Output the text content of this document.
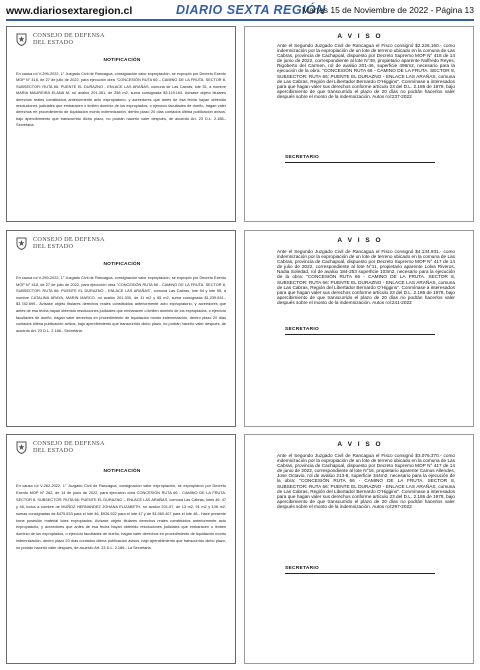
www.diariosextaregion.cl	DIARIO SEXTA REGIÓN
Martes 15 de Noviembre de 2022 - Página 13
CONSEJO DE DEFENSA DEL ESTADO
NOTIFICACIÓN
En causa rol V-296-2022, 1° Juzgado Civil de Rancagua, consignación valor expropiación, se expropió por Decreto Exento MOP N° 418, de 27 de julio de 2022, para ejecución obra "CONCESIÓN RUTA 66 – CAMINO DE LA FRUTA. SECTOR 8, SUBSECTOR: RUTA 66: PUENTE EL DURAZNO - ENLACE LAS ARAÑAS, comuna de Las Cabras, lote 51, a nombre MARIA MAUREIRA ELANA M, rol avalúo 201-351, de 258 m2, suma consignada $3.119.163. Avísase objeto titulares derechos reales constituidos anteriormente acto expropiatorio, y acreedores que antes de esa fecha hayan obtenido resoluciones judiciales que embaracen o limiten dominio de los expropiados, o ejercicio facultades de dueño, hagan valer derechos en procedimiento de liquidación monto indemnización, dentro plazo 20 días contados última publicación avisos, bajo apercibimiento que transcurrido dicho plazo, no podrán hacerlo valer después, de acuerdo Art. 23 D.L. 2.186.- Secretaria.
A V I S O
Ante el Segundo Juzgado Civil de Rancagua el Fisco consignó $2.226.160.- como indemnización por la expropiación de un lote de terreno ubicado en la comuna de Las Cabras, provincia de Cachapoal, dispuesto por Decreto Supremo MOP N° 418 de 14 de junio de 2022, correspondiente al lote N°49, propietario aparente Nolfredo Reyes, Rigoberto del Carmen, rol de avalúo 201-46, superficie 496m2, necesario para la ejecución de la obra: "CONCESIÓN RUTA 66 - CAMINO DE LA FRUTA. SECTOR 8, SUBSECTOR: RUTA 66: PUENTE EL DURAZNO - ENLACE LAS ARAÑAS, comuna de Las Cabras, Región del Libertador Bernardo O'Higgins". Conmínase a interesados para que hagan valer sus derechos conforme artículo 23 del D.L. 2.186 de 1978, bajo apercibimiento de que transcurrido el plazo de 20 días no podrán hacerlos valer después sobre el monto de la indemnización. Autos rol:237-2022
SECRETARIO
CONSEJO DE DEFENSA DEL ESTADO
NOTIFICACIÓN
En causa rol V-259-2022, 1° Juzgado Civil de Rancagua, consignación valor expropiación, se expropió por Decreto Exento MOP N° 418, de 27 de julio de 2022, para ejecución obra "CONCESIÓN RUTA 66 - CAMINO DE LA FRUTA. SECTOR 8, SUBSECTOR: RUTA 66: PUENTE EL DURAZNO - ENLACE LAS ARAÑAS", comuna Las Cabras, lote 54 y lote 55, a nombre CATALINA ARAYA, MARIN MARCO, rol avalúo 201-330, de 11 m2 y 65 m2, suma consignada $1.239.631.- $3.782.699.- Avísase objeto titulares derechos reales constituidos anteriormente acto expropiatorio, y acreedores que antes de esa fecha hayan obtenido resoluciones judiciales que embaracen o limiten dominio de los expropiados, o ejercicio facultades de dueño, hagan valer derechos en procedimiento de liquidación monto indemnización, dentro plazo 20 días contados última publicación avisos, bajo apercibimiento que transcurrido dicho plazo, no podrán hacerlo valer después, de acuerdo Art. 23 D.L. 2.186.- Secretaria.
A V I S O
Ante el Segundo Juzgado Civil de Rancagua el Fisco consignó $4.134.931.- como indemnización por la expropiación de un lote de terreno ubicado en la comuna de Las Cabras, provincia de Cachapoal, dispuesto por Decreto Supremo MOP N° 417 de 14 de julio de 2022, correspondiente al lote N°11, propietario aparente Lolva Riveros, Nadia Soledad, rol de avalúo 184-253 superficie 103m2, necesario para la ejecución de la obra: "CONCESIÓN RUTA 66 - CAMINO DE LA FRUTA. SECTOR 8, SUBSECTOR: RUTA 66: PUENTE EL DURAZNO - ENLACE LAS ARAÑAS, comuna de Las Cabras, Región del Libertador Bernardo O'Higgins". Conmínase a interesados para que hagan valer sus derechos conforme artículo 23 del D.L. 2.186 de 1978, bajo apercibimiento de que transcurrido el plazo de 20 días no podrán hacerlos valer después sobre el monto de la indemnización. Autos rol:241-2022
SECRETARIO
CONSEJO DE DEFENSA DEL ESTADO
NOTIFICACIÓN
En causa rol V-262-2022, 1° Juzgado Civil de Rancagua, consignación valor expropiación, se expropiaron por Decreto Exento MOP N° 262, de 14 de junio de 2022, para ejecución obra CONCESIÓN RUTA 66 - CAMINO DE LA FRUTA. SECTOR 8, SUBSECTOR: RUTA 66: PUENTE EL DURAZNO – ENLACE LAS ARAÑAS, comuna Las Cabras, lotes 46, 47 y 48, todos a nombre de MUÑOZ HERNANDEZ JOHANA ELIZABETH, rol avalúo 201-57, de 13 m2, 91 m2 y 106 m2, sumas consignadas de $475.533 para el lote 46, $926.922 para el lote 47 y de $1.060.407 para el lote 48.- Hace presente toma posesión material lotes expropiados. Avísase objeto titulares derechos reales constituidos anteriormente acto expropiatorio, y acreedores que antes de esa fecha hayan obtenido resoluciones judiciales que embaracen o limiten dominio de los expropiados, o ejercicio facultades de dueño, hagan valer derechos en procedimiento de liquidación monto indemnización, dentro plazo 20 días contados última publicación avisos, bajo apercibimiento que transcurrido dicho plazo, no podrán hacerlo valer después, de acuerdo Art. 23 D.L. 2.186.- La Secretaria.
A V I S O
Ante el Segundo Juzgado Civil de Rancagua el Fisco consignó $3.076.370.- como indemnización por la expropiación de un lote de terreno ubicado en la comuna de Las Cabras, provincia de Cachapoal, dispuesto por Decreto Supremo MOP N° 417 de 14 de junio de 2022, correspondiente al lote N°16, propietario aparente Camus Allendes, Jose Octavio, rol de avalúo 213-8, superficie 344m2, necesario para la ejecución de la obra: "CONCESIÓN RUTA 66 - CAMINO DE LA FRUTA. SECTOR 8, SUBSECTOR: RUTA 66: PUENTE EL DURAZNO - ENLACE LAS ARAÑAS, comuna de Las Cabras, Región del Libertador Bernardo O'Higgins". Conmínase a interesados para que hagan valer sus derechos conforme artículo 23 del D.L. 2.186 de 1978, bajo apercibimiento de que transcurrido el plazo de 20 días no podrán hacerlos valer después sobre el monto de la indemnización. Autos rol:297-2022
SECRETARIO
